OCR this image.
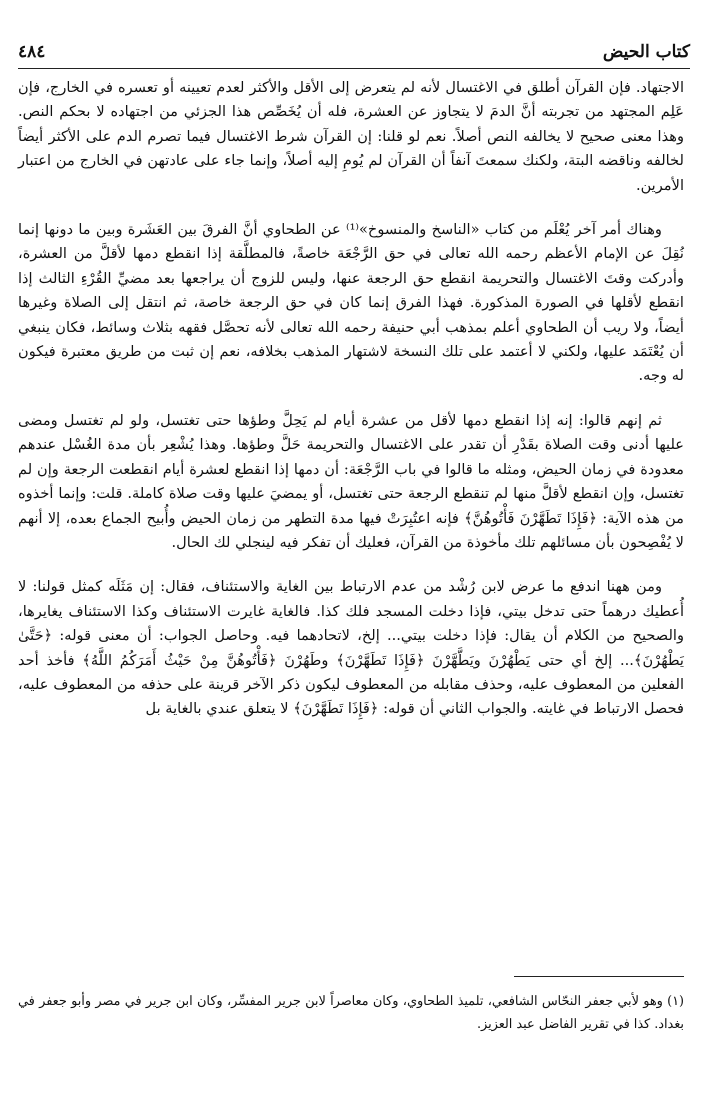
كتاب الحيض
٤٨٤

الاجتهاد. فإن القرآن أطلق في الاغتسال لأنه لم يتعرض إلى الأقل والأكثر لعدم تعيينه أو تعسره في الخارج، فإن عَلِم المجتهد من تجربته أنَّ الدمَ لا يتجاوز عن العشرة، فله أن يُخَصِّص هذا الجزئي من اجتهاده لا بحكم النص. وهذا معنى صحيح لا يخالفه النص أصلاً. نعم لو قلنا: إن القرآن شرط الاغتسال فيما تصرم الدم على الأكثر أيضاً لخالفه وناقضه البتة، ولكنك سمعتَ آنفاً أن القرآن لم يُومِ إليه أصلاً، وإنما جاء على عادتهن في الخارج من اعتبار الأمرين.

وهناك أمر آخر يُعْلَم من كتاب «الناسخ والمنسوخ»⁽¹⁾ عن الطحاوي أنَّ الفرقَ بين العَشَرة وبين ما دونها إنما نُقِلَ عن الإمام الأعظم رحمه الله تعالى في حق الرَّجْعَة خاصةً، فالمطلَّقة إذا انقطع دمها لأقلَّ من العشرة، وأدركت وقتَ الاغتسال والتحريمة انقطع حق الرجعة عنها، وليس للزوج أن يراجعها بعد مضيِّ القُرْءِ الثالث إذا انقطع لأقلها في الصورة المذكورة. فهذا الفرق إنما كان في حق الرجعة خاصة، ثم انتقل إلى الصلاة وغيرها أيضاً، ولا ريب أن الطحاوي أعلم بمذهب أبي حنيفة رحمه الله تعالى لأنه تحصَّل فقهه بثلاث وسائط، فكان ينبغي أن يُعْتَمَد عليها، ولكني لا أعتمد على تلك النسخة لاشتهار المذهب بخلافه، نعم إن ثبت من طريق معتبرة فيكون له وجه.

ثم إنهم قالوا: إنه إذا انقطع دمها لأقل من عشرة أيام لم يَحِلَّ وطؤها حتى تغتسل، ولو لم تغتسل ومضى عليها أدنى وقت الصلاة بقَدْرِ أن تقدر على الاغتسال والتحريمة حَلَّ وطؤها. وهذا يُشْعِر بأن مدة الغُسْل عندهم معدودة في زمان الحيض، ومثله ما قالوا في باب الرَّجْعَة: أن دمها إذا انقطع لعشرة أيام انقطعت الرجعة وإن لم تغتسل، وإن انقطع لأقلَّ منها لم تنقطع الرجعة حتى تغتسل، أو يمضيَ عليها وقت صلاة كاملة. قلت: وإنما أخذوه من هذه الآية: ﴿فَإِذَا تَطَهَّرْنَ فَأْتُوهُنَّ﴾ فإنه اعتُبِرَتْ فيها مدة التطهر من زمان الحيض وأُبيح الجماع بعده، إلا أنهم لا يُفْصِحون بأن مسائلهم تلك مأخوذة من القرآن، فعليك أن تفكر فيه لينجلي لك الحال.

ومن ههنا اندفع ما عرض لابن رُشْد من عدم الارتباط بين الغاية والاستئناف، فقال: إن مَثَلَه كمثل قولنا: لا أُعطيك درهماً حتى تدخل بيتي، فإذا دخلت المسجد فلك كذا. فالغاية غايرت الاستئناف وكذا الاستئناف يغايرها، والصحيح من الكلام أن يقال: فإذا دخلت بيتي... إلخ، لاتحادهما فيه. وحاصل الجواب: أن معنى قوله: ﴿حَتَّىٰ يَطْهُرْنَ﴾... إلخ أي حتى يَطْهُرْنَ ويَطَّهَّرْنَ ﴿فَإِذَا تَطَهَّرْنَ﴾ وطَهُرْنَ ﴿فَأْتُوهُنَّ مِنْ حَيْثُ أَمَرَكُمُ اللَّهُ﴾ فأخذ أحد الفعلين من المعطوف عليه، وحذف مقابله من المعطوف ليكون ذكر الآخر قرينة على حذفه من المعطوف عليه، فحصل الارتباط في غايته. والجواب الثاني أن قوله: ﴿فَإِذَا تَطَهَّرْنَ﴾ لا يتعلق عندي بالغاية بل

(١) وهو لأبي جعفر النحّاس الشافعي، تلميذ الطحاوي، وكان معاصراً لابن جرير المفسِّر، وكان ابن جرير في مصر وأبو جعفر في بغداد. كذا في تقرير الفاضل عبد العزيز.
